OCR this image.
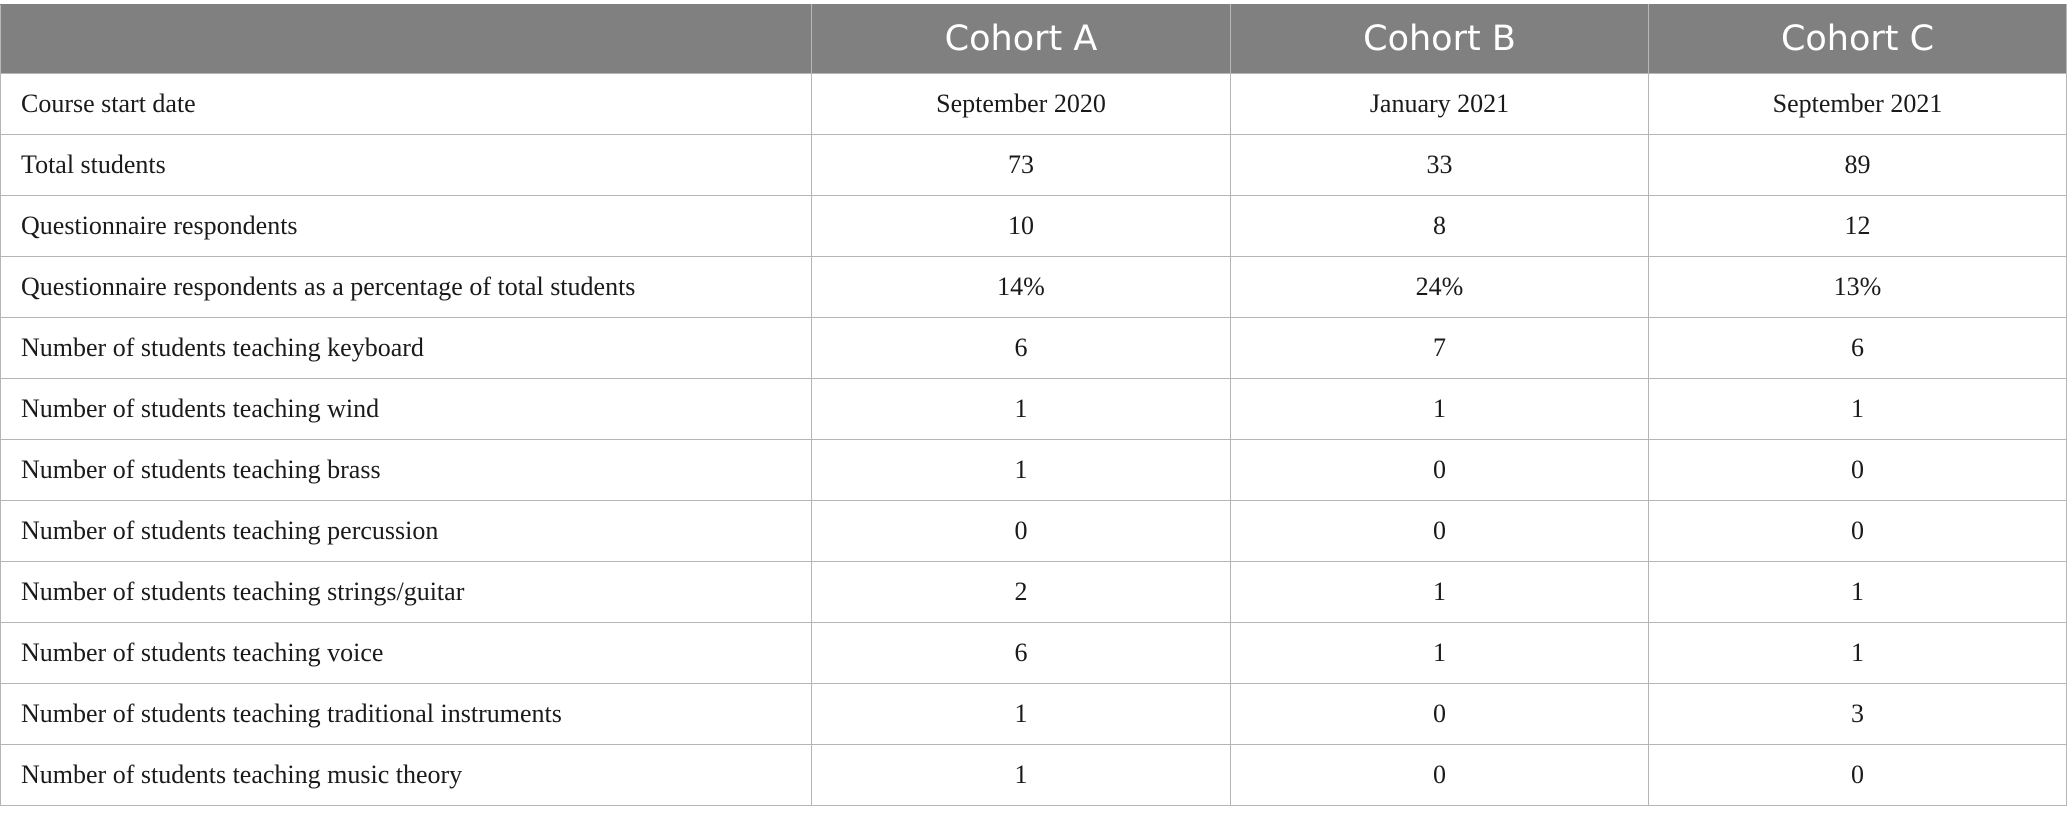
	Cohort A	Cohort B	Cohort C
Course start date	September 2020	January 2021	September 2021
Total students	73	33	89
Questionnaire respondents	10	8	12
Questionnaire respondents as a percentage of total students	14%	24%	13%
Number of students teaching keyboard	6	7	6
Number of students teaching wind	1	1	1
Number of students teaching brass	1	0	0
Number of students teaching percussion	0	0	0
Number of students teaching strings/guitar	2	1	1
Number of students teaching voice	6	1	1
Number of students teaching traditional instruments	1	0	3
Number of students teaching music theory	1	0	0
